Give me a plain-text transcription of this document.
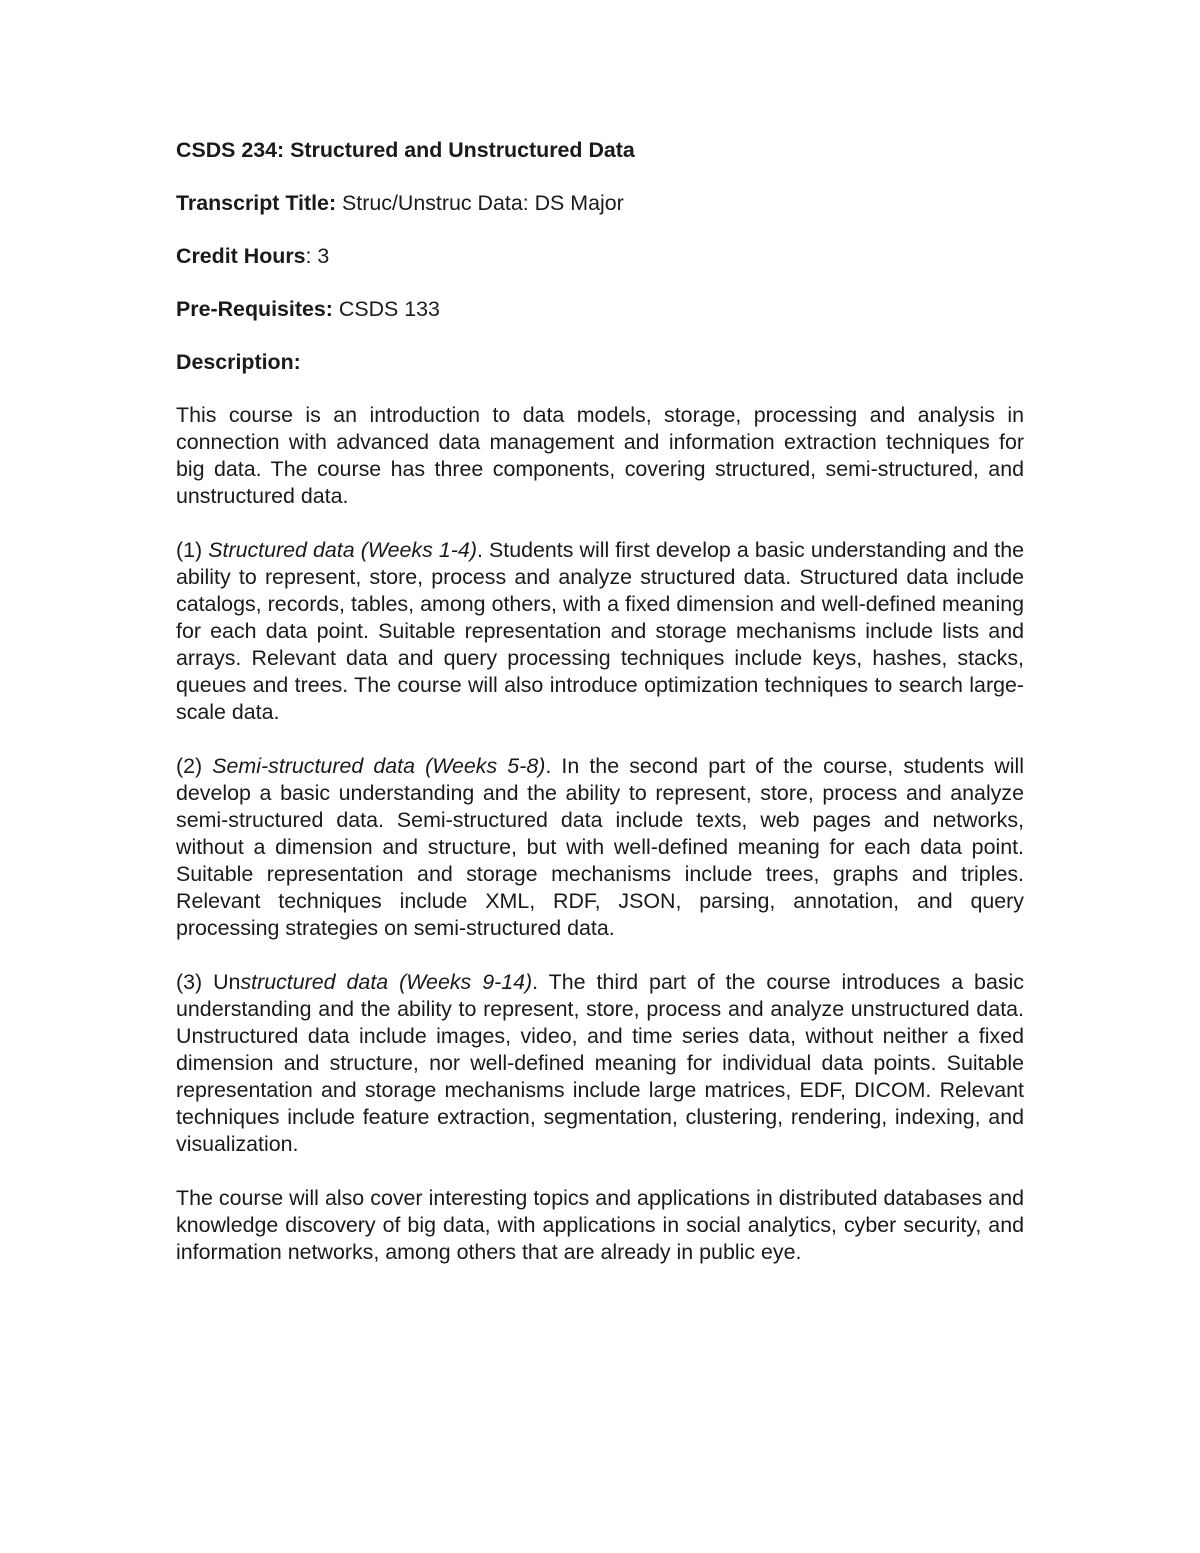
CSDS 234: Structured and Unstructured Data
Transcript Title: Struc/Unstruc Data: DS Major
Credit Hours: 3
Pre-Requisites: CSDS 133
Description:

This course is an introduction to data models, storage, processing and analysis in connection with advanced data management and information extraction techniques for big data. The course has three components, covering structured, semi-structured, and unstructured data.

(1) Structured data (Weeks 1-4). Students will first develop a basic understanding and the ability to represent, store, process and analyze structured data. Structured data include catalogs, records, tables, among others, with a fixed dimension and well-defined meaning for each data point. Suitable representation and storage mechanisms include lists and arrays. Relevant data and query processing techniques include keys, hashes, stacks, queues and trees. The course will also introduce optimization techniques to search large-scale data.

(2) Semi-structured data (Weeks 5-8). In the second part of the course, students will develop a basic understanding and the ability to represent, store, process and analyze semi-structured data. Semi-structured data include texts, web pages and networks, without a dimension and structure, but with well-defined meaning for each data point. Suitable representation and storage mechanisms include trees, graphs and triples. Relevant techniques include XML, RDF, JSON, parsing, annotation, and query processing strategies on semi-structured data.

(3) Unstructured data (Weeks 9-14). The third part of the course introduces a basic understanding and the ability to represent, store, process and analyze unstructured data. Unstructured data include images, video, and time series data, without neither a fixed dimension and structure, nor well-defined meaning for individual data points. Suitable representation and storage mechanisms include large matrices, EDF, DICOM. Relevant techniques include feature extraction, segmentation, clustering, rendering, indexing, and visualization.

The course will also cover interesting topics and applications in distributed databases and knowledge discovery of big data, with applications in social analytics, cyber security, and information networks, among others that are already in public eye.
